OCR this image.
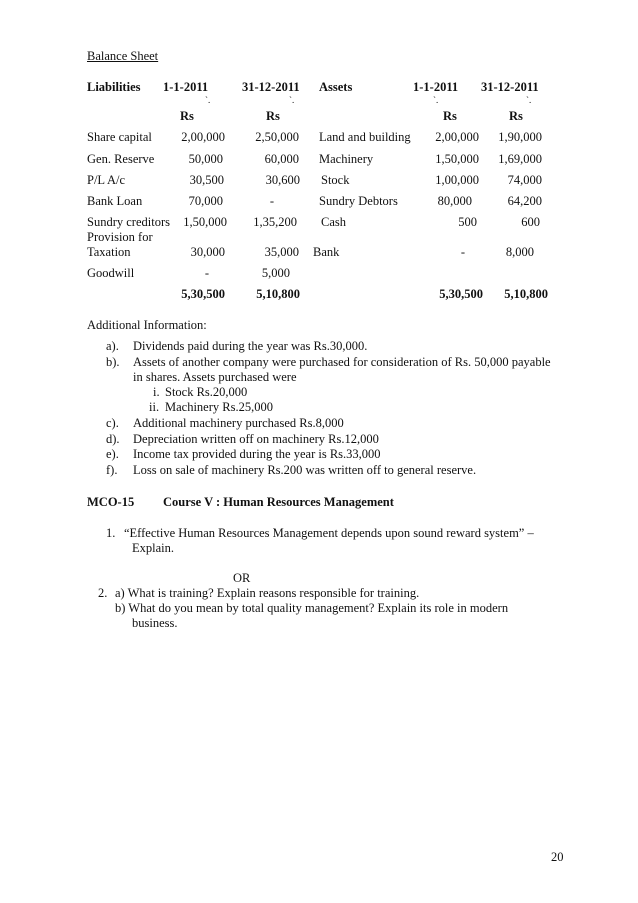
Balance Sheet
Liabilities 1-1-2011	31-12-2011 Assets	1-1-2011 31-12-2011
`.	`.	`.	`.
Rs	Rs	Rs	Rs
Share capital	2,00,000	2,50,000 Land and building	2,00,000	1,90,000
Gen. Reserve	50,000	60,000 Machinery	1,50,000	1,69,000
P/L A/c	30,500	30,600 Stock	1,00,000	74,000
Bank Loan	70,000	-	Sundry Debtors	80,000	64,200
Sundry creditors	1,50,000	1,35,200 Cash	500	600
Provision for
Taxation	30,000	35,000 Bank	-	8,000
Goodwill	-	5,000
5,30,500	5,10,800	5,30,500	5,10,800
Additional Information:
a). Dividends paid during the year was Rs.30,000.
b). Assets of another company were purchased for consideration of Rs. 50,000 payable
in shares. Assets purchased were
i. Stock Rs.20,000
ii. Machinery Rs.25,000
c). Additional machinery purchased Rs.8,000
d). Depreciation written off on machinery Rs.12,000
e). Income tax provided during the year is Rs.33,000
f). Loss on sale of machinery Rs.200 was written off to general reserve.
MCO-15 Course V : Human Resources Management
1. “Effective Human Resources Management depends upon sound reward system” –
Explain.
OR
2. a) What is training? Explain reasons responsible for training.
b) What do you mean by total quality management? Explain its role in modern
business.
20
